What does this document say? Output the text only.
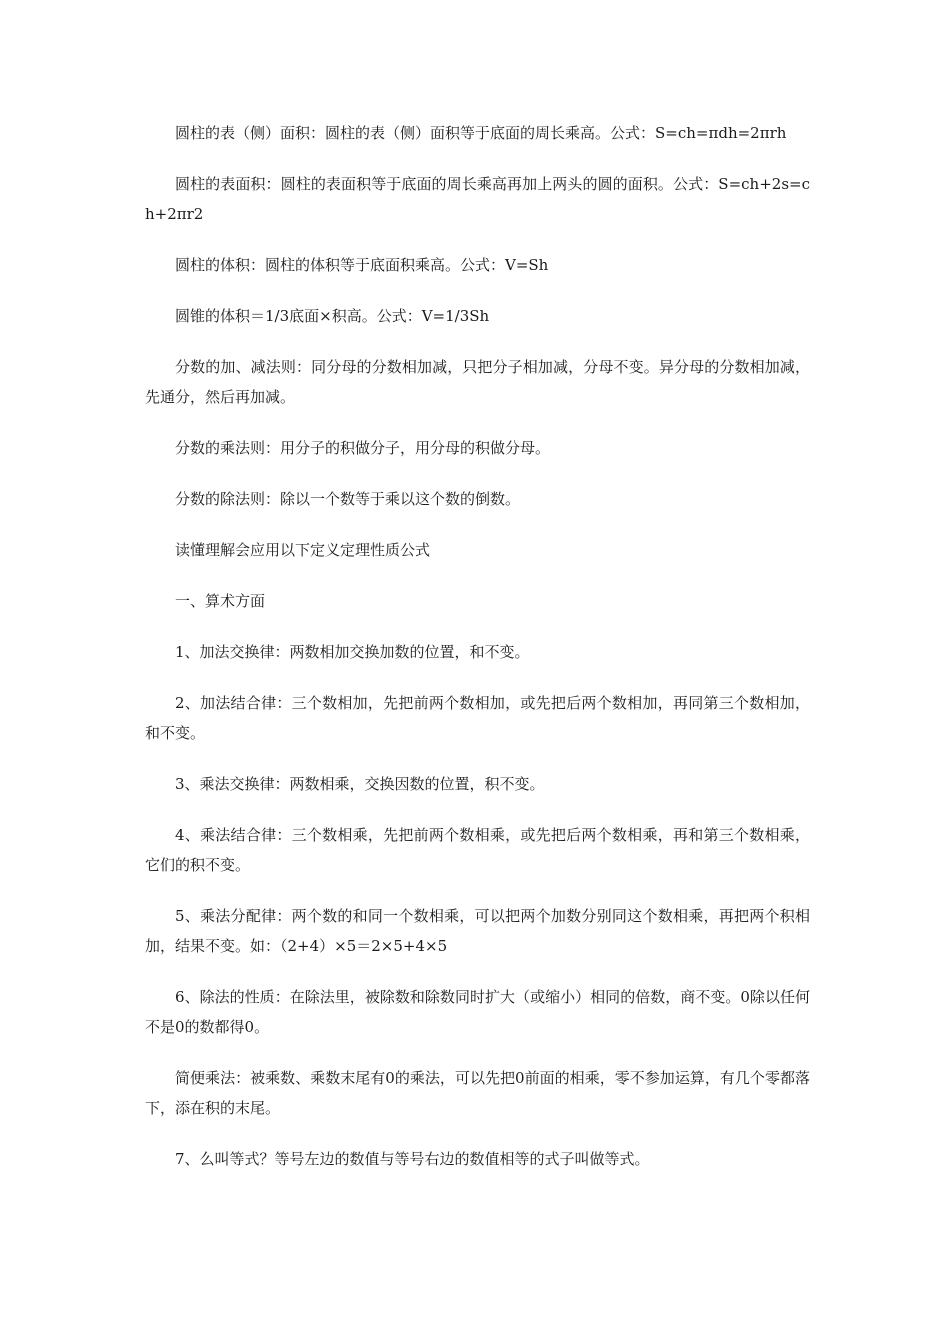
圆柱的表（侧）面积：圆柱的表（侧）面积等于底面的周长乘高。公式：S=ch=πdh=2πrh

圆柱的表面积：圆柱的表面积等于底面的周长乘高再加上两头的圆的面积。公式：S=ch+2s=ch+2πr2

圆柱的体积：圆柱的体积等于底面积乘高。公式：V=Sh

圆锥的体积＝1/3底面×积高。公式：V=1/3Sh

分数的加、减法则：同分母的分数相加减，只把分子相加减，分母不变。异分母的分数相加减，先通分，然后再加减。

分数的乘法则：用分子的积做分子，用分母的积做分母。

分数的除法则：除以一个数等于乘以这个数的倒数。

读懂理解会应用以下定义定理性质公式

一、算术方面

1、加法交换律：两数相加交换加数的位置，和不变。

2、加法结合律：三个数相加，先把前两个数相加，或先把后两个数相加，再同第三个数相加，和不变。

3、乘法交换律：两数相乘，交换因数的位置，积不变。

4、乘法结合律：三个数相乘，先把前两个数相乘，或先把后两个数相乘，再和第三个数相乘，它们的积不变。

5、乘法分配律：两个数的和同一个数相乘，可以把两个加数分别同这个数相乘，再把两个积相加，结果不变。如：（2+4）×5＝2×5+4×5

6、除法的性质：在除法里，被除数和除数同时扩大（或缩小）相同的倍数，商不变。0除以任何不是0的数都得0。

简便乘法：被乘数、乘数末尾有0的乘法，可以先把0前面的相乘，零不参加运算，有几个零都落下，添在积的末尾。

7、么叫等式？等号左边的数值与等号右边的数值相等的式子叫做等式。
